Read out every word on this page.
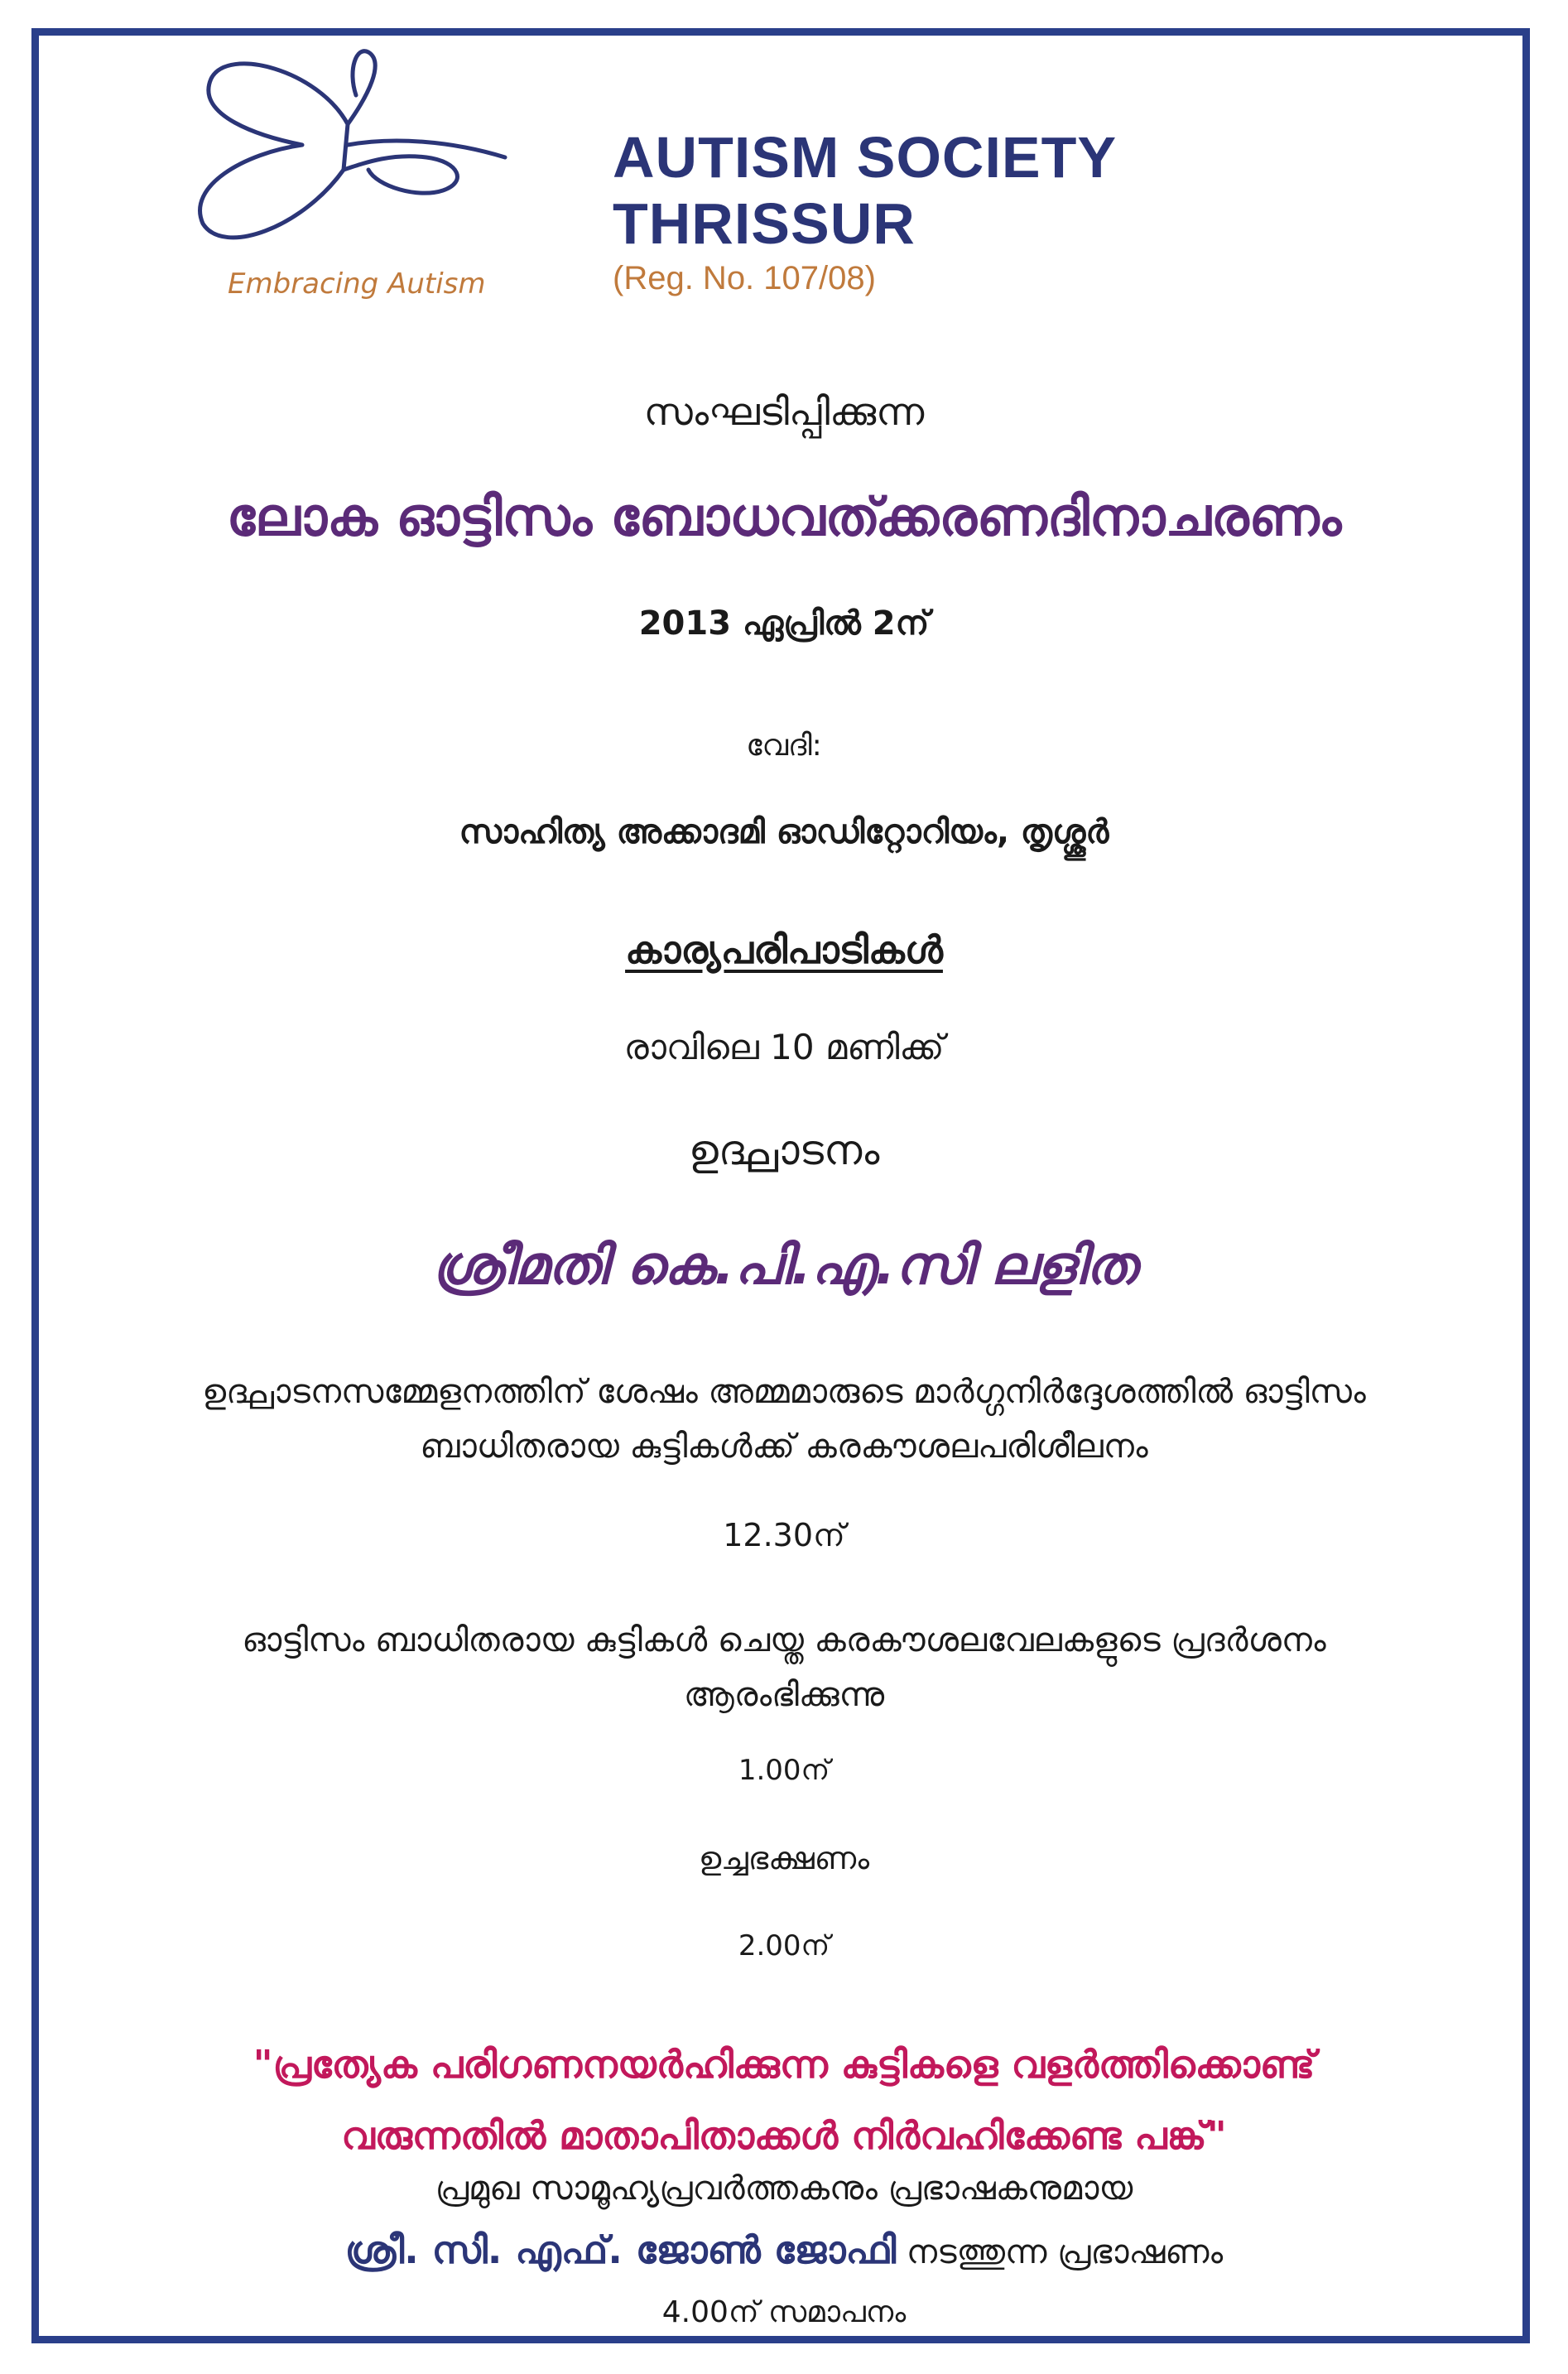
Embracing Autism
AUTISM SOCIETY
THRISSUR
(Reg. No. 107/08)
സംഘടിപ്പിക്കുന്ന
ലോക ഓട്ടിസം ബോധവത്ക്കരണദിനാചരണം
2013 ഏപ്രിൽ 2ന്
വേദി:
സാഹിത്യ അക്കാദമി ഓഡിറ്റോറിയം, തൃശ്ശൂർ
കാര്യപരിപാടികൾ
രാവിലെ 10 മണിക്ക്
ഉദ്ഘാടനം
ശ്രീമതി കെ.പി.എ.സി ലളിത
ഉദ്ഘാടനസമ്മേളനത്തിന് ശേഷം അമ്മമാരുടെ മാർഗ്ഗനിർദ്ദേശത്തിൽ ഓട്ടിസം
ബാധിതരായ കുട്ടികൾക്ക് കരകൗശലപരിശീലനം
12.30ന്
ഓട്ടിസം ബാധിതരായ കുട്ടികൾ ചെയ്ത കരകൗശലവേലകളുടെ പ്രദർശനം
ആരംഭിക്കുന്നു
1.00ന്
ഉച്ചഭക്ഷണം
2.00ന്
"പ്രത്യേക പരിഗണനയർഹിക്കുന്ന കുട്ടികളെ വളർത്തിക്കൊണ്ട്
വരുന്നതിൽ മാതാപിതാക്കൾ നിർവഹിക്കേണ്ട പങ്ക്"
പ്രമുഖ സാമൂഹ്യപ്രവർത്തകനും പ്രഭാഷകനുമായ
ശ്രീ. സി. എഫ്. ജോൺ ജോഫി നടത്തുന്ന പ്രഭാഷണം
4.00ന് സമാപനം
